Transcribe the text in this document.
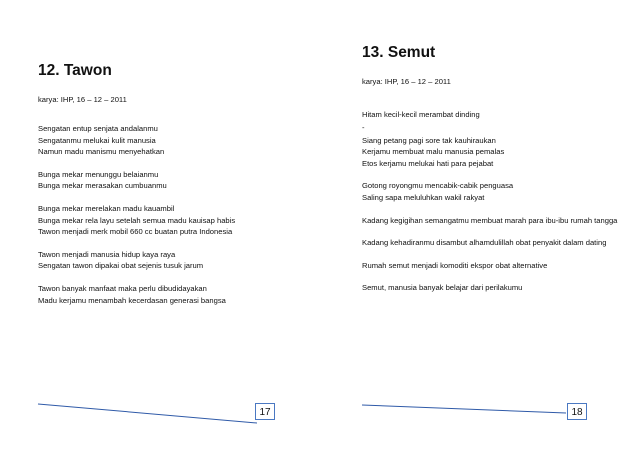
12. Tawon

karya: IHP, 16 – 12 – 2011

Sengatan entup senjata andalanmu
Sengatanmu melukai kulit manusia
Namun madu manismu menyehatkan
Bunga mekar menunggu belaianmu
Bunga mekar merasakan cumbuanmu
Bunga mekar merelakan madu kauambil
Bunga mekar rela layu setelah semua madu kauisap habis
Tawon menjadi merk mobil 660 cc buatan putra Indonesia
Tawon menjadi manusia hidup kaya raya
Sengatan tawon dipakai obat sejenis tusuk jarum
Tawon banyak manfaat maka perlu dibudidayakan
Madu kerjamu menambah kecerdasan generasi bangsa
17
13. Semut

karya: IHP, 16 – 12 – 2011

Hitam kecil-kecil merambat dinding
-
Siang petang pagi sore tak kauhiraukan
Kerjamu membuat malu manusia pemalas
Etos kerjamu melukai hati para pejabat
Gotong royongmu mencabik-cabik penguasa
Saling sapa meluluhkan wakil rakyat
Kadang kegigihan semangatmu membuat marah para ibu-ibu rumah tangga
Kadang kehadiranmu disambut alhamdulillah obat penyakit dalam dating
Rumah semut menjadi komoditi ekspor obat alternative
Semut, manusia banyak belajar dari perilakumu
18
